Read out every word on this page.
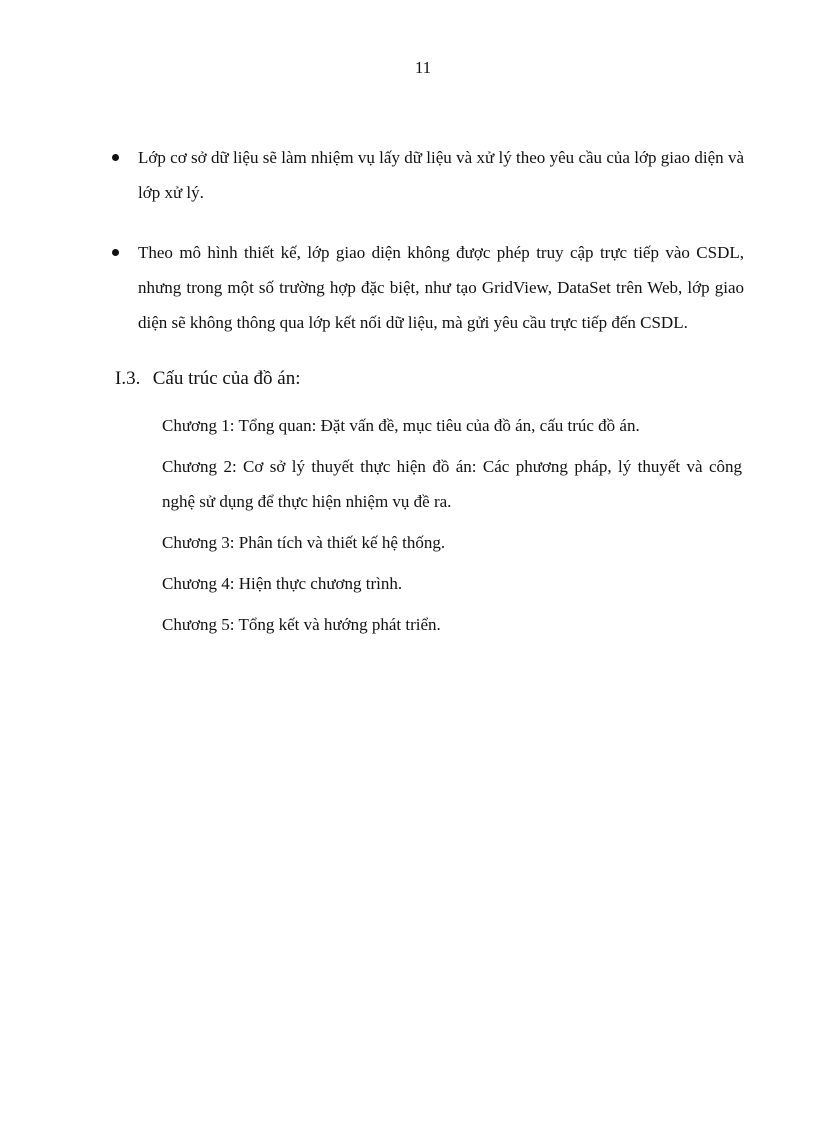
11
Lớp cơ sở dữ liệu sẽ làm nhiệm vụ lấy dữ liệu và xử lý theo yêu cầu của lớp giao diện và lớp xử lý.
Theo mô hình thiết kế, lớp giao diện không được phép truy cập trực tiếp vào CSDL, nhưng trong một số trường hợp đặc biệt, như tạo GridView, DataSet trên Web, lớp giao diện sẽ không thông qua lớp kết nối dữ liệu, mà gửi yêu cầu trực tiếp đến CSDL.
I.3. Cấu trúc của đồ án:
Chương 1: Tổng quan: Đặt vấn đề, mục tiêu của đồ án, cấu trúc đồ án.
Chương 2: Cơ sở lý thuyết thực hiện đồ án: Các phương pháp, lý thuyết và công nghệ sử dụng để thực hiện nhiệm vụ đề ra.
Chương 3: Phân tích và thiết kế hệ thống.
Chương 4: Hiện thực chương trình.
Chương 5: Tổng kết và hướng phát triển.
